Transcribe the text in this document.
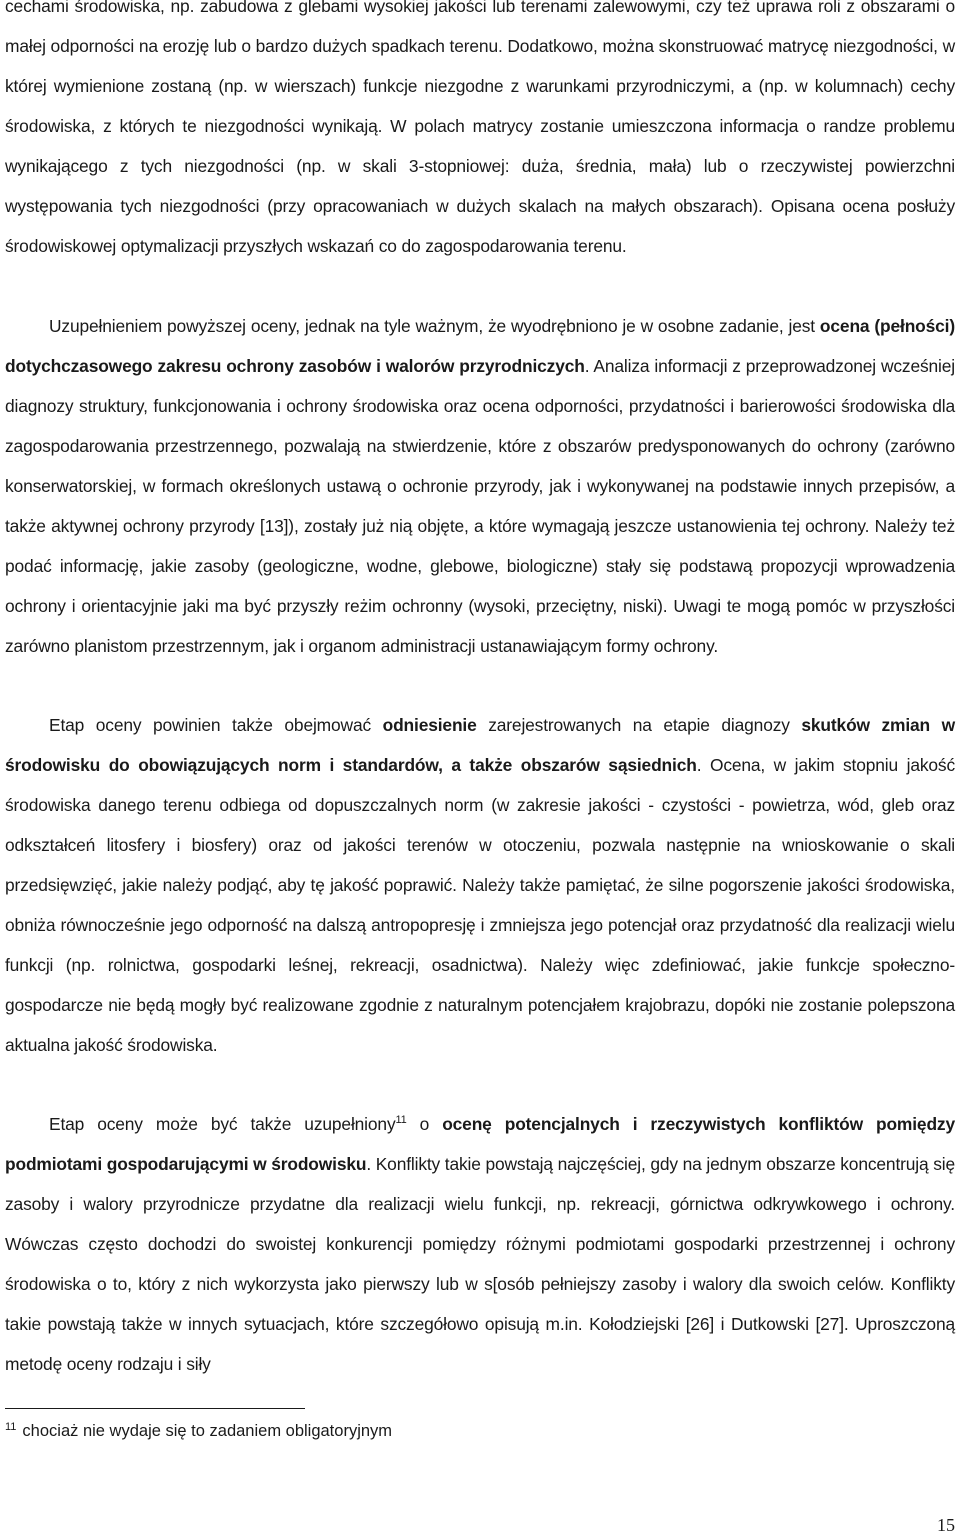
cechami środowiska, np. zabudowa z glebami wysokiej jakości lub terenami zalewowymi, czy też uprawa roli z obszarami o małej odporności na erozję lub o bardzo dużych spadkach terenu. Dodatkowo, można skonstruować matrycę niezgodności, w której wymienione zostaną (np. w wierszach) funkcje niezgodne z warunkami przyrodniczymi, a (np. w kolumnach) cechy środowiska, z których te niezgodności wynikają. W polach matrycy zostanie umieszczona informacja o randze problemu wynikającego z tych niezgodności (np. w skali 3-stopniowej: duża, średnia, mała) lub o rzeczywistej powierzchni występowania tych niezgodności (przy opracowaniach w dużych skalach na małych obszarach). Opisana ocena posłuży środowiskowej optymalizacji przyszłych wskazań co do zagospodarowania terenu.

Uzupełnieniem powyższej oceny, jednak na tyle ważnym, że wyodrębniono je w osobne zadanie, jest ocena (pełności) dotychczasowego zakresu ochrony zasobów i walorów przyrodniczych. Analiza informacji z przeprowadzonej wcześniej diagnozy struktury, funkcjonowania i ochrony środowiska oraz ocena odporności, przydatności i barierowości środowiska dla zagospodarowania przestrzennego, pozwalają na stwierdzenie, które z obszarów predysponowanych do ochrony (zarówno konserwatorskiej, w formach określonych ustawą o ochronie przyrody, jak i wykonywanej na podstawie innych przepisów, a także aktywnej ochrony przyrody [13]), zostały już nią objęte, a które wymagają jeszcze ustanowienia tej ochrony. Należy też podać informację, jakie zasoby (geologiczne, wodne, glebowe, biologiczne) stały się podstawą propozycji wprowadzenia ochrony i orientacyjnie jaki ma być przyszły reżim ochronny (wysoki, przeciętny, niski). Uwagi te mogą pomóc w przyszłości zarówno planistom przestrzennym, jak i organom administracji ustanawiającym formy ochrony.

Etap oceny powinien także obejmować odniesienie zarejestrowanych na etapie diagnozy skutków zmian w środowisku do obowiązujących norm i standardów, a także obszarów sąsiednich. Ocena, w jakim stopniu jakość środowiska danego terenu odbiega od dopuszczalnych norm (w zakresie jakości - czystości - powietrza, wód, gleb oraz odkształceń litosfery i biosfery) oraz od jakości terenów w otoczeniu, pozwala następnie na wnioskowanie o skali przedsięwzięć, jakie należy podjąć, aby tę jakość poprawić. Należy także pamiętać, że silne pogorszenie jakości środowiska, obniża równocześnie jego odporność na dalszą antropopresję i zmniejsza jego potencjał oraz przydatność dla realizacji wielu funkcji (np. rolnictwa, gospodarki leśnej, rekreacji, osadnictwa). Należy więc zdefiniować, jakie funkcje społeczno-gospodarcze nie będą mogły być realizowane zgodnie z naturalnym potencjałem krajobrazu, dopóki nie zostanie polepszona aktualna jakość środowiska.

Etap oceny może być także uzupełniony$^{11}$ o ocenę potencjalnych i rzeczywistych konfliktów pomiędzy podmiotami gospodarującymi w środowisku. Konflikty takie powstają najczęściej, gdy na jednym obszarze koncentrują się zasoby i walory przyrodnicze przydatne dla realizacji wielu funkcji, np. rekreacji, górnictwa odkrywkowego i ochrony. Wówczas często dochodzi do swoistej konkurencji pomiędzy różnymi podmiotami gospodarki przestrzennej i ochrony środowiska o to, który z nich wykorzysta jako pierwszy lub w s[osób pełniejszy zasoby i walory dla swoich celów. Konflikty takie powstają także w innych sytuacjach, które szczegółowo opisują m.in. Kołodziejski [26] i Dutkowski [27]. Uproszczoną metodę oceny rodzaju i siły

$^{11}$ chociaż nie wydaje się to zadaniem obligatoryjnym

15
